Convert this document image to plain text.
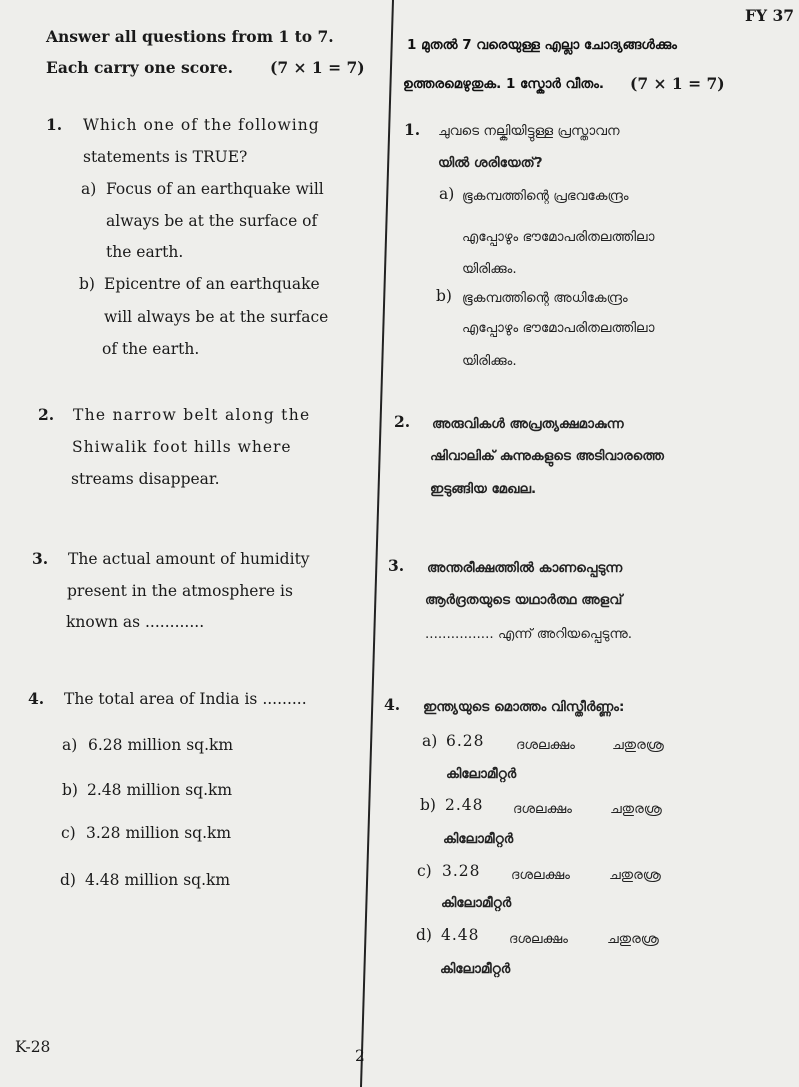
FY 37
Answer all questions from 1 to 7.
Each carry one score. (7 × 1 = 7)
1. Which one of the following
statements is TRUE?
a) Focus of an earthquake will
always be at the surface of
the earth.
b) Epicentre of an earthquake
will always be at the surface
of the earth.
2. The narrow belt along the
Shiwalik foot hills where
streams disappear.
3. The actual amount of humidity
present in the atmosphere is
known as ............
4. The total area of India is .........
a) 6.28 million sq.km
b) 2.48 million sq.km
c) 3.28 million sq.km
d) 4.48 million sq.km
K-28	2
1 മുതൽ 7 വരെയുള്ള എല്ലാ ചോദ്യങ്ങൾക്കും
ഉത്തരമെഴുതുക. 1 സ്കോർ വീതം. (7 × 1 = 7)
1. ചുവടെ നല്കിയിട്ടുള്ള പ്രസ്താവന
യിൽ ശരിയേത്?
a) ഭൂകമ്പത്തിന്റെ പ്രഭവകേന്ദ്രം
എപ്പോഴും ഭൗമോപരിതലത്തിലാ
യിരിക്കും.
b) ഭൂകമ്പത്തിന്റെ അധികേന്ദ്രം
എപ്പോഴും ഭൗമോപരിതലത്തിലാ
യിരിക്കും.
2. അരുവികൾ അപ്രത്യക്ഷമാകുന്ന
ഷിവാലിക് കുന്നുകളുടെ അടിവാരത്തെ
ഇടുങ്ങിയ മേഖല.
3. അന്തരീക്ഷത്തിൽ കാണപ്പെടുന്ന
ആർദ്രതയുടെ യഥാർത്ഥ അളവ്
................ എന്ന് അറിയപ്പെടുന്നു.
4. ഇന്ത്യയുടെ മൊത്തം വിസ്തീർണ്ണം:
a) 6.28 ദശലക്ഷം	ചതുരശ്ര
കിലോമീറ്റർ
b) 2.48 ദശലക്ഷം	ചതുരശ്ര
കിലോമീറ്റർ
c) 3.28 ദശലക്ഷം	ചതുരശ്ര
കിലോമീറ്റർ
d) 4.48 ദശലക്ഷം	ചതുരശ്ര
കിലോമീറ്റർ
